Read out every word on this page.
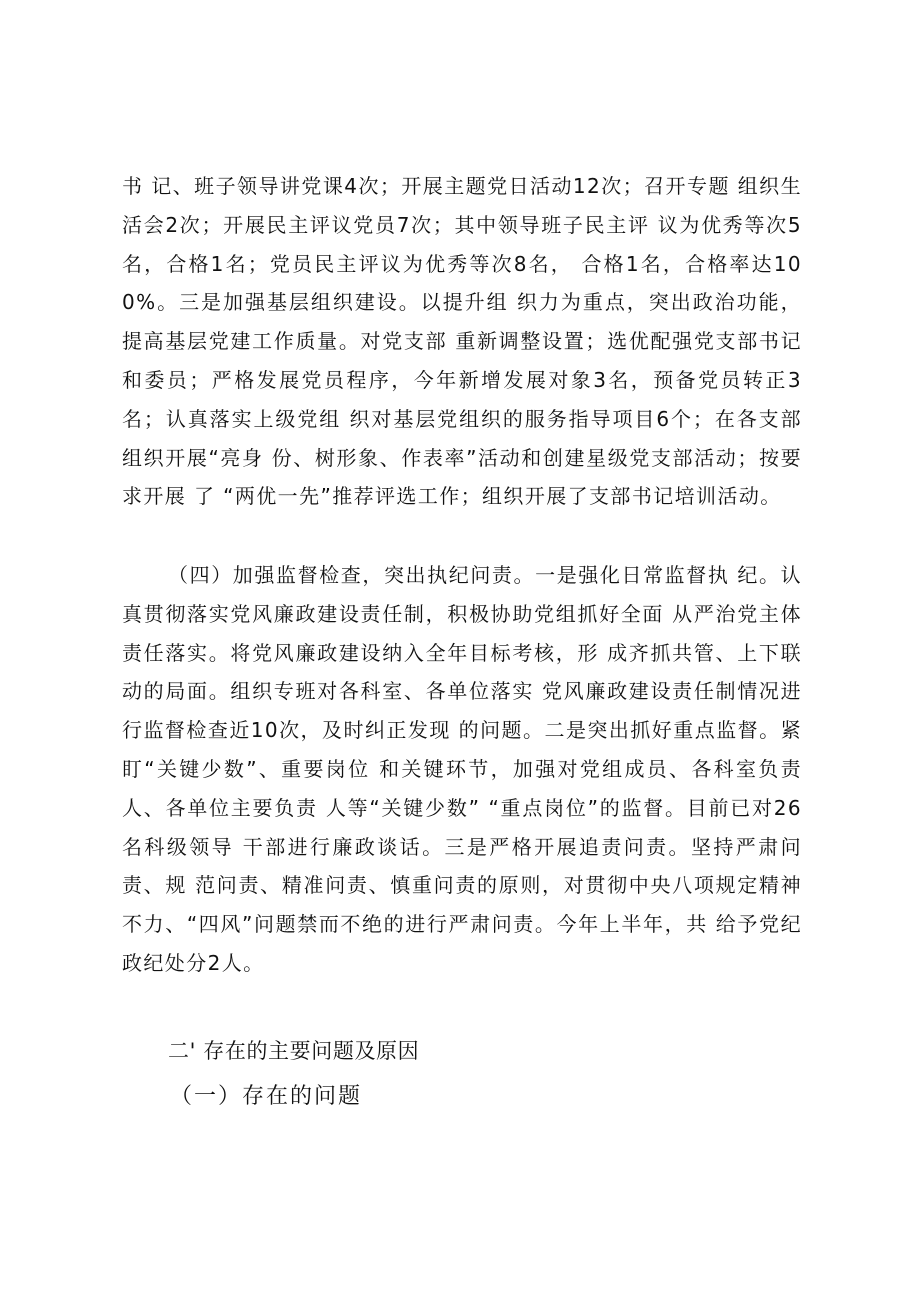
书 记、班子领导讲党课4次；开展主题党日活动12次；召开专题 组织生活会2次；开展民主评议党员7次；其中领导班子民主评 议为优秀等次5名，合格1名；党员民主评议为优秀等次8名， 合格1名，合格率达100%。三是加强基层组织建设。以提升组 织力为重点，突出政治功能，提高基层党建工作质量。对党支部 重新调整设置；选优配强党支部书记和委员；严格发展党员程序，今年新增发展对象3名，预备党员转正3名；认真落实上级党组 织对基层党组织的服务指导项目6个；在各支部组织开展“亮身 份、树形象、作表率”活动和创建星级党支部活动；按要求开展 了 “两优一先”推荐评选工作；组织开展了支部书记培训活动。

（四）加强监督检查，突出执纪问责。一是强化日常监督执 纪。认真贯彻落实党风廉政建设责任制，积极协助党组抓好全面 从严治党主体责任落实。将党风廉政建设纳入全年目标考核，形 成齐抓共管、上下联动的局面。组织专班对各科室、各单位落实 党风廉政建设责任制情况进行监督检查近10次，及时纠正发现 的问题。二是突出抓好重点监督。紧盯“关键少数”、重要岗位 和关键环节，加强对党组成员、各科室负责人、各单位主要负责 人等“关键少数” “重点岗位”的监督。目前已对26名科级领导 干部进行廉政谈话。三是严格开展追责问责。坚持严肃问责、规 范问责、精准问责、慎重问责的原则，对贯彻中央八项规定精神不力、“四风”问题禁而不绝的进行严肃问责。今年上半年，共 给予党纪政纪处分2人。

二' 存在的主要问题及原因
（一）存在的问题
